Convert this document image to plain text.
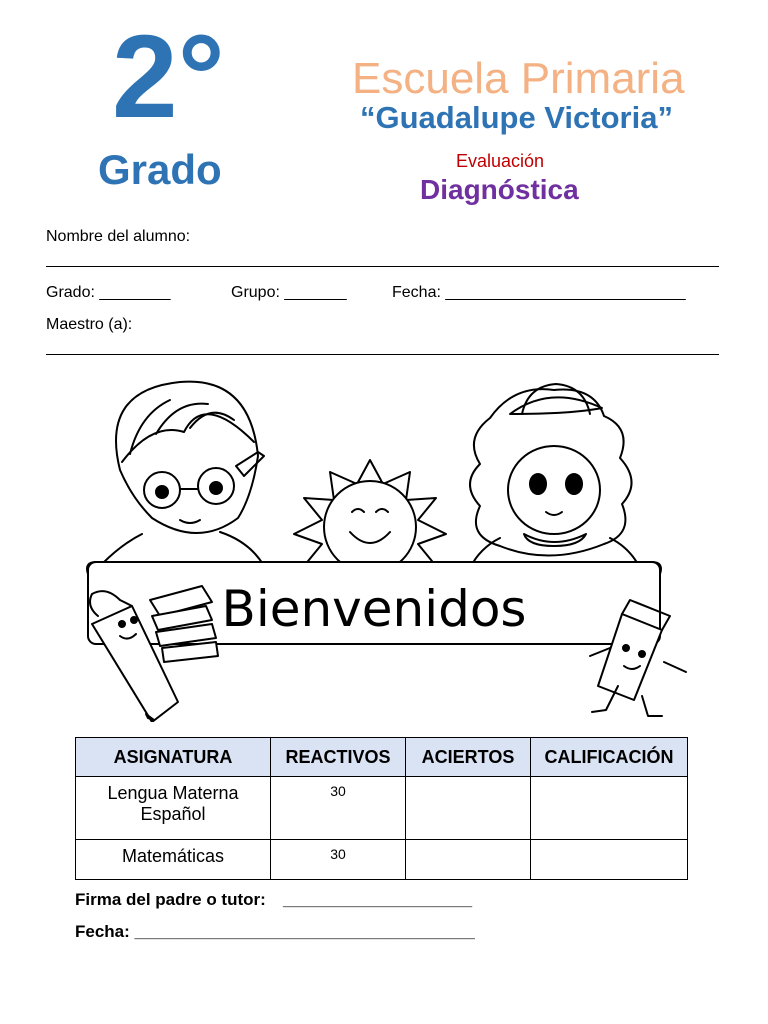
2°
Grado
Escuela Primaria
“Guadalupe Victoria”
Evaluación
Diagnóstica
Nombre del alumno:
Grado: ________	Grupo: _______	Fecha: ___________________________
Maestro (a):
Bienvenidos
ASIGNATURA	REACTIVOS	ACIERTOS	CALIFICACIÓN

Lengua Materna
Español	30		

Matemáticas	30		
Firma del padre o tutor: ____________________
Fecha: ____________________________________
